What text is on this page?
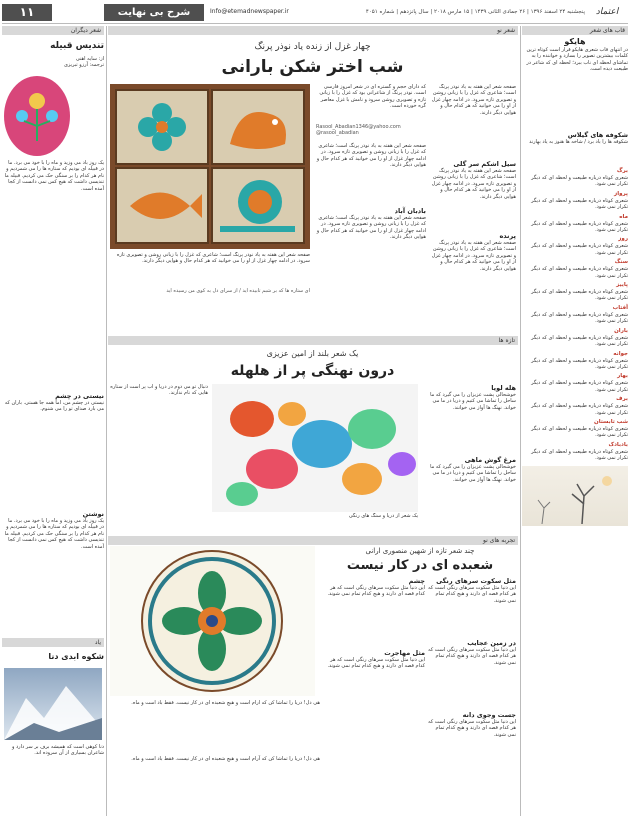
۱۱	شرح بی نهایت	Info@etemadnewspaper.ir	پنجشنبه ۲۴ اسفند ۱۳۹۶ | ۲۶ جمادی الثانی ۱۴۳۹ | ۱۵ مارس ۲۰۱۸ | سال پانزدهم | شماره ۴۰۵۱	اعتماد
قاب های شعر
هایکو
در انتهای قاب شعری هایکو قرار است کوتاه ترین کلمات بیشترین تصویر را بسازد و خواننده را به تماشای لحظه ای ناب ببرد؛ لحظه ای که شاعر در طبیعت دیده است.
شکوفه های گیلاس
شکوفه ها را باد برد / شاخه ها هنوز به یاد بهارند
برگ
شعری کوتاه درباره طبیعت و لحظه ای که دیگر تکرار نمی شود.
پرواز
شعری کوتاه درباره طبیعت و لحظه ای که دیگر تکرار نمی شود.
ماه
شعری کوتاه درباره طبیعت و لحظه ای که دیگر تکرار نمی شود.
روز
شعری کوتاه درباره طبیعت و لحظه ای که دیگر تکرار نمی شود.
سنگ
شعری کوتاه درباره طبیعت و لحظه ای که دیگر تکرار نمی شود.
پاییز
شعری کوتاه درباره طبیعت و لحظه ای که دیگر تکرار نمی شود.
آفتاب
شعری کوتاه درباره طبیعت و لحظه ای که دیگر تکرار نمی شود.
باران
شعری کوتاه درباره طبیعت و لحظه ای که دیگر تکرار نمی شود.
جوانه
شعری کوتاه درباره طبیعت و لحظه ای که دیگر تکرار نمی شود.
بهار
شعری کوتاه درباره طبیعت و لحظه ای که دیگر تکرار نمی شود.
برف
شعری کوتاه درباره طبیعت و لحظه ای که دیگر تکرار نمی شود.
شب تابستان
شعری کوتاه درباره طبیعت و لحظه ای که دیگر تکرار نمی شود.
بادبادک
شعری کوتاه درباره طبیعت و لحظه ای که دیگر تکرار نمی شود.
شعر نو
چهار غزل از زنده یاد نوذر پرنگ
شب اختر شکن بارانی
صفحه شعر این هفته به یاد نوذر پرنگ است؛ شاعری که غزل را با زبانی روشن و تصویری تازه سرود. در ادامه چهار غزل از او را می خوانید که هر کدام حال و هوایی دیگر دارند.
سیل اشکم سر گلی
صفحه شعر این هفته به یاد نوذر پرنگ است؛ شاعری که غزل را با زبانی روشن و تصویری تازه سرود. در ادامه چهار غزل از او را می خوانید که هر کدام حال و هوایی دیگر دارند.
پرنده
صفحه شعر این هفته به یاد نوذر پرنگ است؛ شاعری که غزل را با زبانی روشن و تصویری تازه سرود. در ادامه چهار غزل از او را می خوانید که هر کدام حال و هوایی دیگر دارند.
که دارای حجم و گستره ای در شعر امروز فارسی است. نوذر پرنگ از شاعرانی بود که غزل را با زبانی تازه و تصویری روشن سرود و نامش با غزل معاصر گره خورده است.
Rasool_Abadian1346@yahoo.com
@rasool_abadian
صفحه شعر این هفته به یاد نوذر پرنگ است؛ شاعری که غزل را با زبانی روشن و تصویری تازه سرود. در ادامه چهار غزل از او را می خوانید که هر کدام حال و هوایی دیگر دارند.
بادبان آباد
صفحه شعر این هفته به یاد نوذر پرنگ است؛ شاعری که غزل را با زبانی روشن و تصویری تازه سرود. در ادامه چهار غزل از او را می خوانید که هر کدام حال و هوایی دیگر دارند.
صفحه شعر این هفته به یاد نوذر پرنگ است؛ شاعری که غزل را با زبانی روشن و تصویری تازه سرود. در ادامه چهار غزل از او را می خوانید که هر کدام حال و هوایی دیگر دارند.
ای ستاره ها که بر شبم تابیده اید / از سرای دل به کوی من رسیده اید
تازه ها
یک شعر بلند از امین عزیزی
درون نهنگی پر از هلهله
هله لویا
خوشحالی پشت عزیزان را می گیرد که ما ساحل را تماشا می کنیم و دریا در ما می خواند. نهنگ ها آواز می خوانند.
مرغ گوش ماهی
خوشحالی پشت عزیزان را می گیرد که ما ساحل را تماشا می کنیم و دریا در ما می خواند. نهنگ ها آواز می خوانند.
یک شعر از دریا و سنگ های رنگی
دنبال تو می دوم در دریا و آب پر است از ستاره هایی که نام ندارند.
تجربه های نو
چند شعر تازه از شهین منصوری ارانی
شعبده ای در کار نیست
مثل سکوت سرهای رنگی
این دنیا مثل سکوت سرهای رنگی است که هر کدام قصه ای دارند و هیچ کدام تمام نمی شوند.
در زمین عجایب
این دنیا مثل سکوت سرهای رنگی است که هر کدام قصه ای دارند و هیچ کدام تمام نمی شوند.
جست وجوی دانه
این دنیا مثل سکوت سرهای رنگی است که هر کدام قصه ای دارند و هیچ کدام تمام نمی شوند.
چشم
این دنیا مثل سکوت سرهای رنگی است که هر کدام قصه ای دارند و هیچ کدام تمام نمی شوند.
مثل مهاجرت
این دنیا مثل سکوت سرهای رنگی است که هر کدام قصه ای دارند و هیچ کدام تمام نمی شوند.
هی دل! دریا را تماشا کن که آرام است و هیچ شعبده ای در کار نیست. فقط باد است و ماه.
هی دل! دریا را تماشا کن که آرام است و هیچ شعبده ای در کار نیست. فقط باد است و ماه.
شعر دیگران
تندیس قبیله
از: سایه آهنی
ترجمه: آرزو تبریزی
یک روز باد می وزید و ماه را با خود می برد. ما در قبیله ای بودیم که ستاره ها را می شمردیم و نام هر کدام را بر سنگی حک می کردیم. قبیله ما تندیسی داشت که هیچ کس نمی دانست از کجا آمده است.
نیستی در چشم
نیستی در چشم من، اما همه جا هستی. باران که می بارد صدای تو را می شنوم.
نوشتن
یک روز باد می وزید و ماه را با خود می برد. ما در قبیله ای بودیم که ستاره ها را می شمردیم و نام هر کدام را بر سنگی حک می کردیم. قبیله ما تندیسی داشت که هیچ کس نمی دانست از کجا آمده است.
یاد
شکوه ابدی دنا
دنا کوهی است که همیشه برف بر سر دارد و شاعران بسیاری از آن سروده اند.
